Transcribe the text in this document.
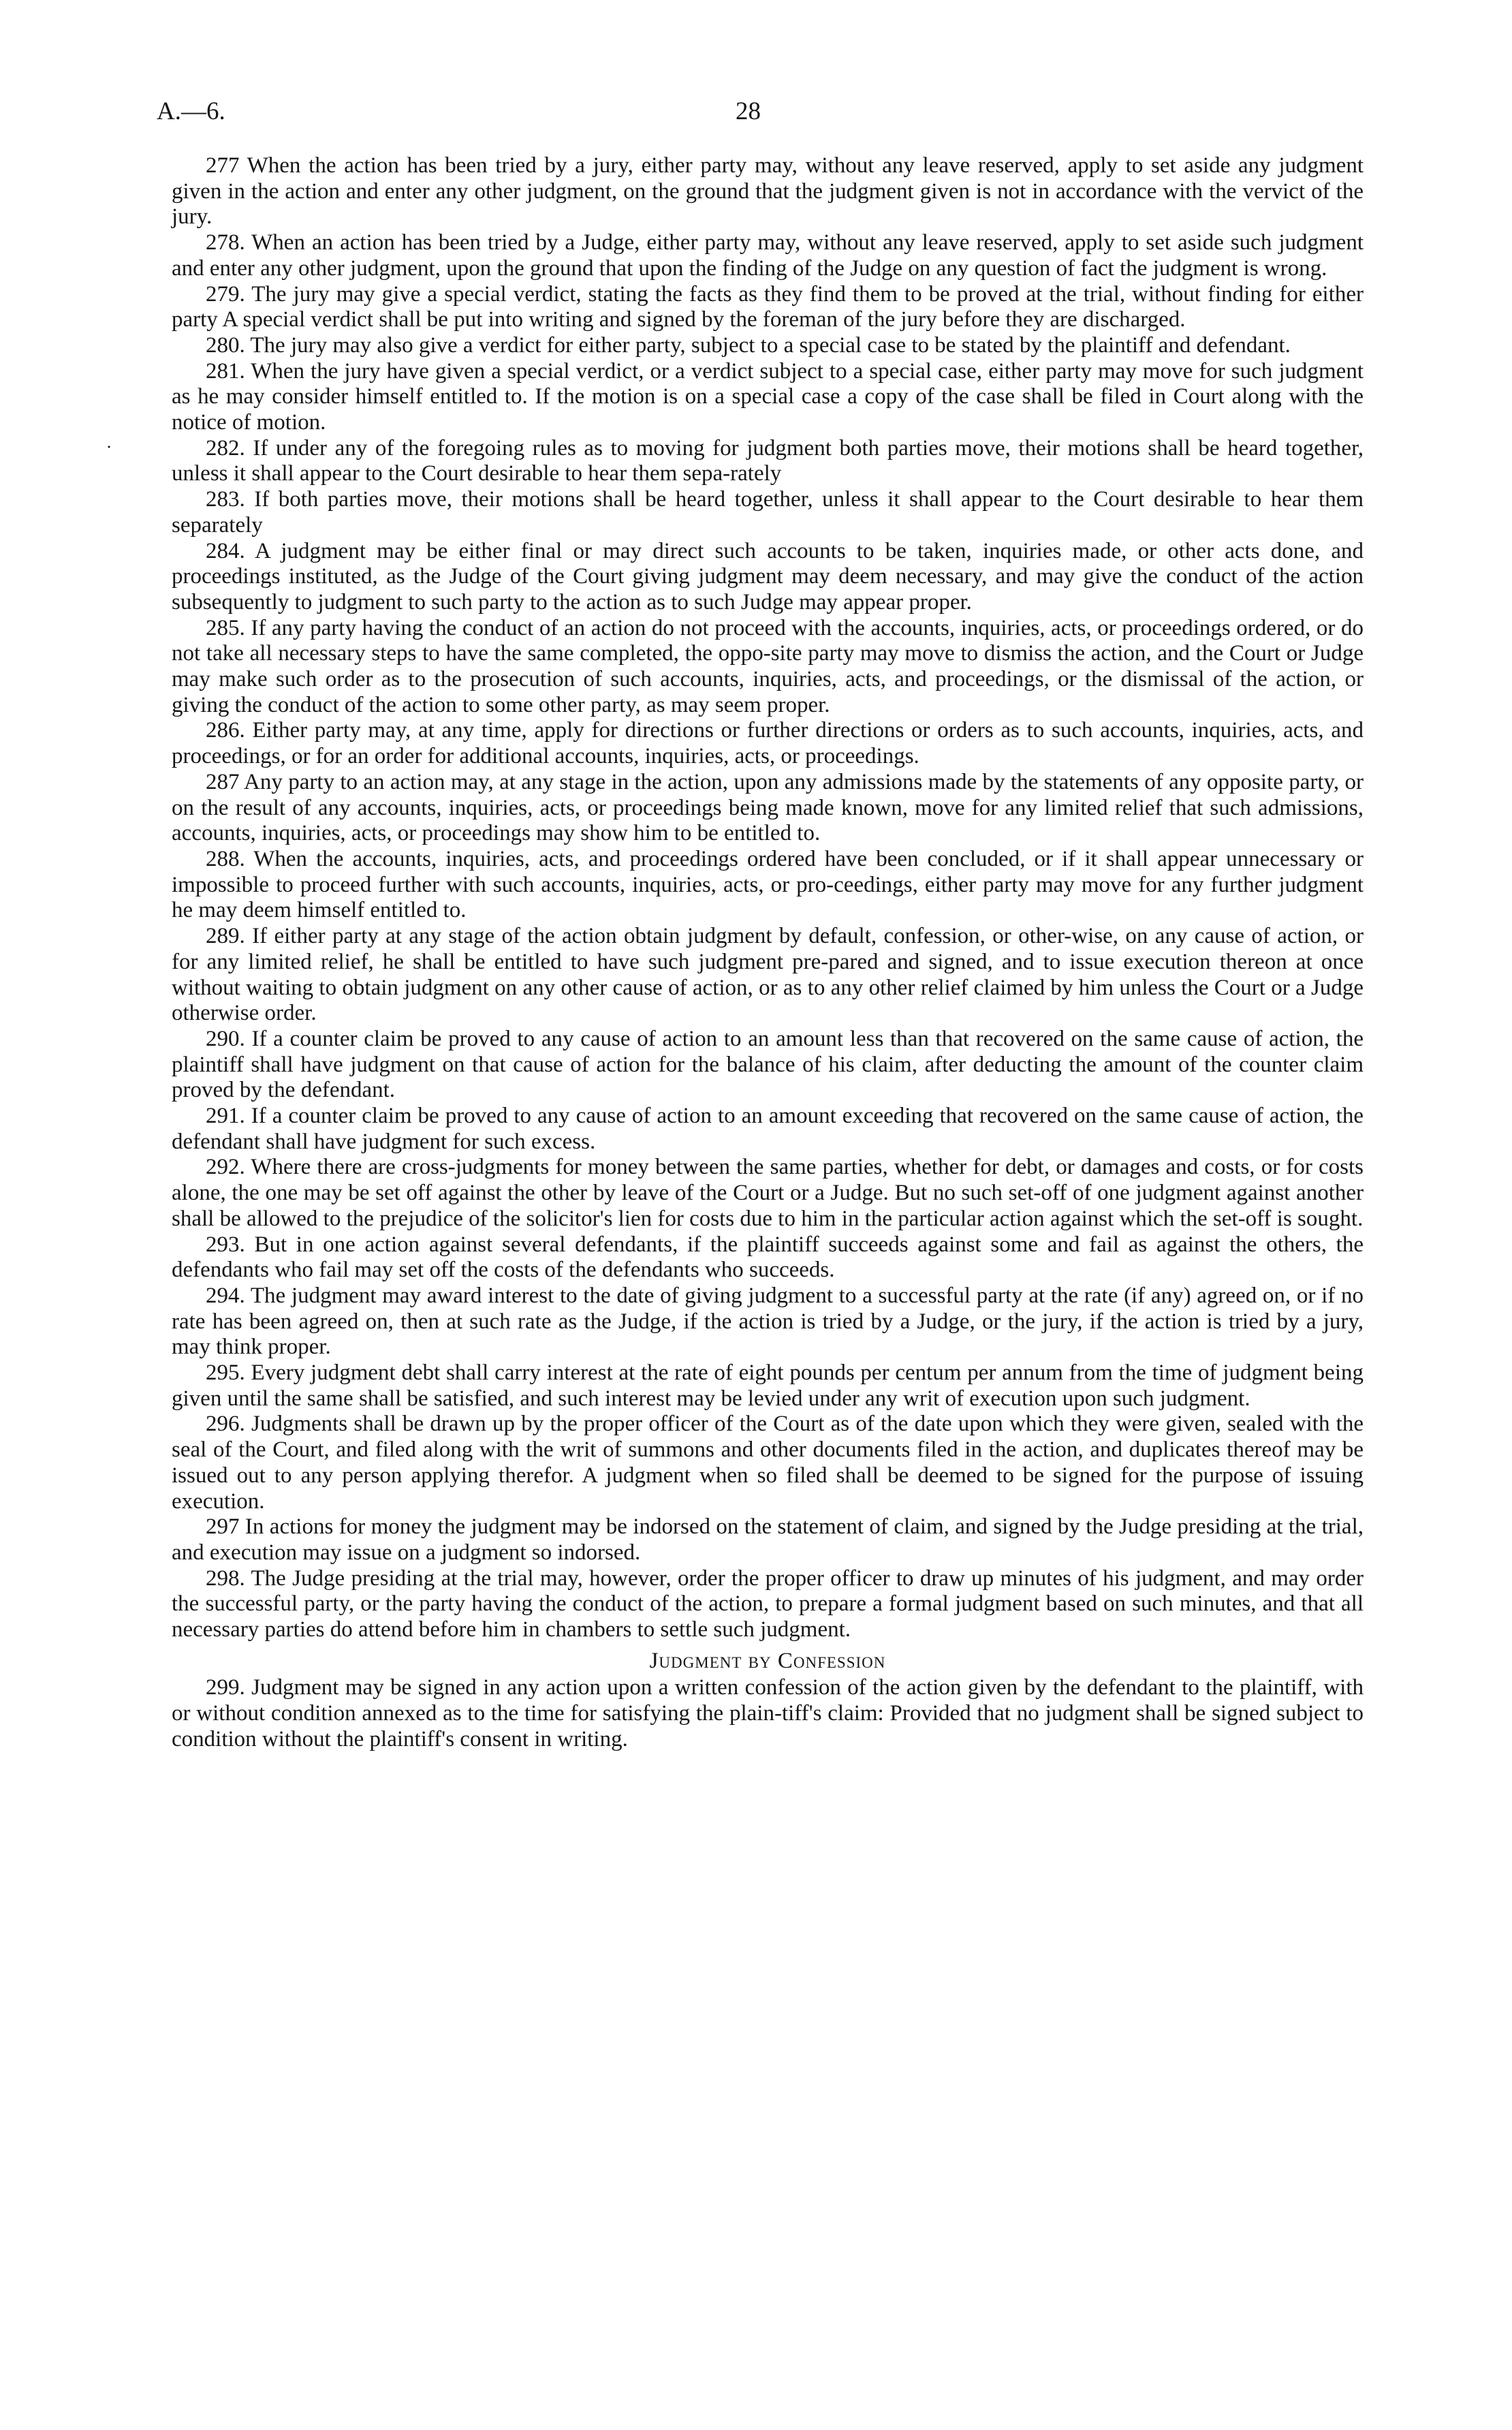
A.—6.	28
˙

277 When the action has been tried by a jury, either party may, without any leave reserved, apply to set aside any judgment given in the action and enter any other judgment, on the ground that the judgment given is not in accordance with the vervict of the jury.

278. When an action has been tried by a Judge, either party may, without any leave reserved, apply to set aside such judgment and enter any other judgment, upon the ground that upon the finding of the Judge on any question of fact the judgment is wrong.

279. The jury may give a special verdict, stating the facts as they find them to be proved at the trial, without finding for either party A special verdict shall be put into writing and signed by the foreman of the jury before they are discharged.

280. The jury may also give a verdict for either party, subject to a special case to be stated by the plaintiff and defendant.

281. When the jury have given a special verdict, or a verdict subject to a special case, either party may move for such judgment as he may consider himself entitled to. If the motion is on a special case a copy of the case shall be filed in Court along with the notice of motion.

282. If under any of the foregoing rules as to moving for judgment both parties move, their motions shall be heard together, unless it shall appear to the Court desirable to hear them sepa-rately

283. If both parties move, their motions shall be heard together, unless it shall appear to the Court desirable to hear them separately

284. A judgment may be either final or may direct such accounts to be taken, inquiries made, or other acts done, and proceedings instituted, as the Judge of the Court giving judgment may deem necessary, and may give the conduct of the action subsequently to judgment to such party to the action as to such Judge may appear proper.

285. If any party having the conduct of an action do not proceed with the accounts, inquiries, acts, or proceedings ordered, or do not take all necessary steps to have the same completed, the oppo-site party may move to dismiss the action, and the Court or Judge may make such order as to the prosecution of such accounts, inquiries, acts, and proceedings, or the dismissal of the action, or giving the conduct of the action to some other party, as may seem proper.

286. Either party may, at any time, apply for directions or further directions or orders as to such accounts, inquiries, acts, and proceedings, or for an order for additional accounts, inquiries, acts, or proceedings.

287 Any party to an action may, at any stage in the action, upon any admissions made by the statements of any opposite party, or on the result of any accounts, inquiries, acts, or proceedings being made known, move for any limited relief that such admissions, accounts, inquiries, acts, or proceedings may show him to be entitled to.

288. When the accounts, inquiries, acts, and proceedings ordered have been concluded, or if it shall appear unnecessary or impossible to proceed further with such accounts, inquiries, acts, or pro-ceedings, either party may move for any further judgment he may deem himself entitled to.

289. If either party at any stage of the action obtain judgment by default, confession, or other-wise, on any cause of action, or for any limited relief, he shall be entitled to have such judgment pre-pared and signed, and to issue execution thereon at once without waiting to obtain judgment on any other cause of action, or as to any other relief claimed by him unless the Court or a Judge otherwise order.

290. If a counter claim be proved to any cause of action to an amount less than that recovered on the same cause of action, the plaintiff shall have judgment on that cause of action for the balance of his claim, after deducting the amount of the counter claim proved by the defendant.

291. If a counter claim be proved to any cause of action to an amount exceeding that recovered on the same cause of action, the defendant shall have judgment for such excess.

292. Where there are cross-judgments for money between the same parties, whether for debt, or damages and costs, or for costs alone, the one may be set off against the other by leave of the Court or a Judge. But no such set-off of one judgment against another shall be allowed to the prejudice of the solicitor's lien for costs due to him in the particular action against which the set-off is sought.

293. But in one action against several defendants, if the plaintiff succeeds against some and fail as against the others, the defendants who fail may set off the costs of the defendants who succeeds.

294. The judgment may award interest to the date of giving judgment to a successful party at the rate (if any) agreed on, or if no rate has been agreed on, then at such rate as the Judge, if the action is tried by a Judge, or the jury, if the action is tried by a jury, may think proper.

295. Every judgment debt shall carry interest at the rate of eight pounds per centum per annum from the time of judgment being given until the same shall be satisfied, and such interest may be levied under any writ of execution upon such judgment.

296. Judgments shall be drawn up by the proper officer of the Court as of the date upon which they were given, sealed with the seal of the Court, and filed along with the writ of summons and other documents filed in the action, and duplicates thereof may be issued out to any person applying therefor. A judgment when so filed shall be deemed to be signed for the purpose of issuing execution.

297 In actions for money the judgment may be indorsed on the statement of claim, and signed by the Judge presiding at the trial, and execution may issue on a judgment so indorsed.

298. The Judge presiding at the trial may, however, order the proper officer to draw up minutes of his judgment, and may order the successful party, or the party having the conduct of the action, to prepare a formal judgment based on such minutes, and that all necessary parties do attend before him in chambers to settle such judgment.

Judgment by Confession

299. Judgment may be signed in any action upon a written confession of the action given by the defendant to the plaintiff, with or without condition annexed as to the time for satisfying the plain-tiff's claim: Provided that no judgment shall be signed subject to condition without the plaintiff's consent in writing.
